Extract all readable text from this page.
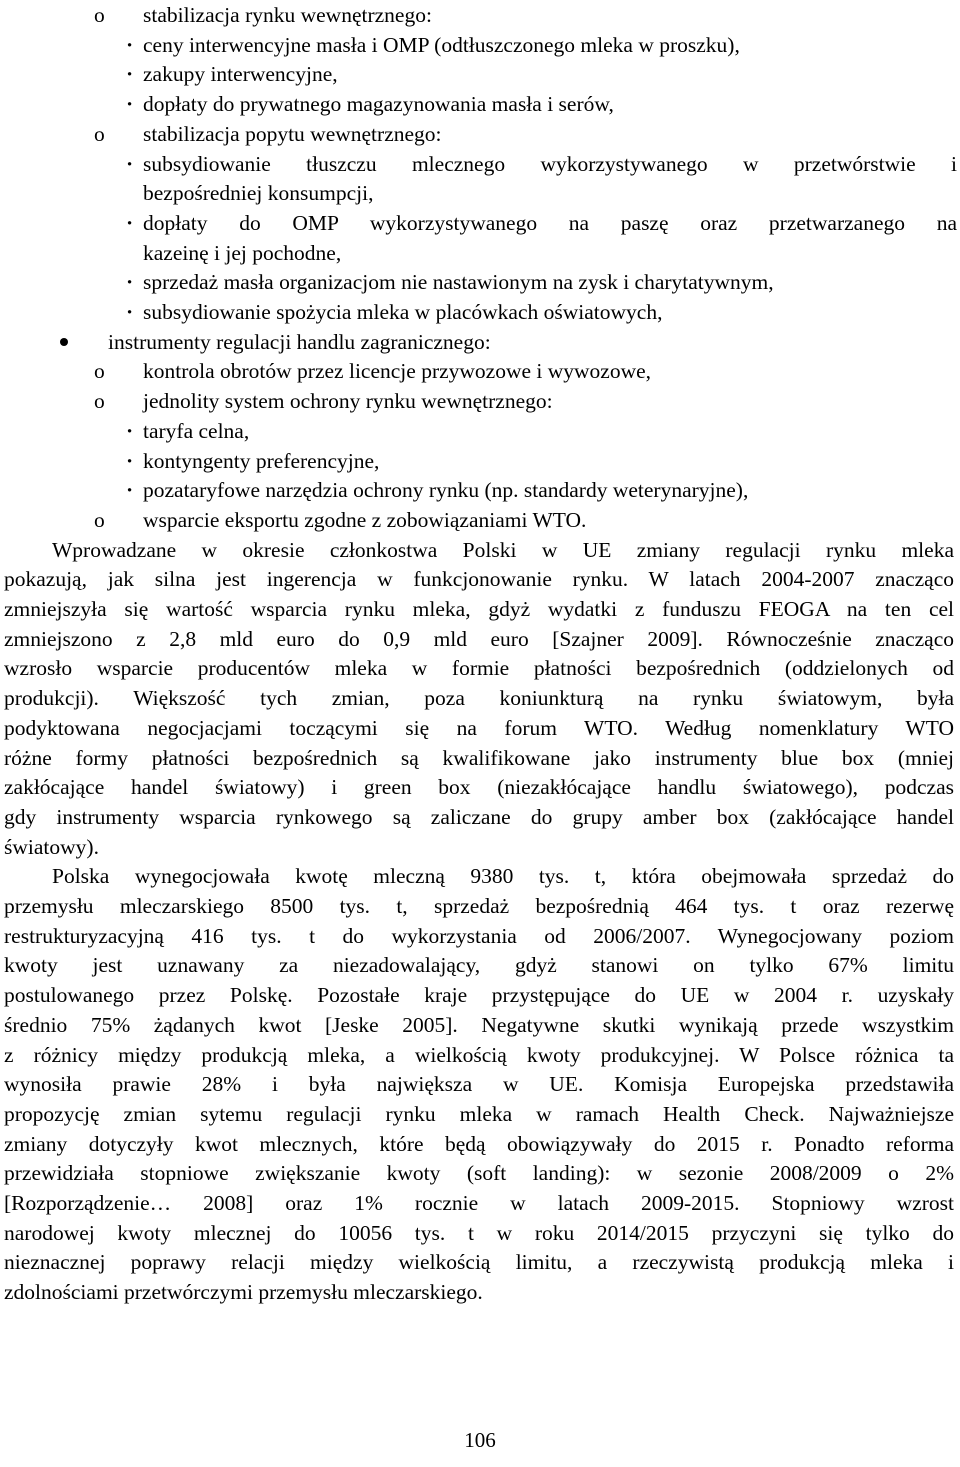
o stabilizacja rynku wewnętrznego:
· ceny interwencyjne masła i OMP (odtłuszczonego mleka w proszku),
· zakupy interwencyjne,
· dopłaty do prywatnego magazynowania masła i serów,
o stabilizacja popytu wewnętrznego:
· subsydiowanie tłuszczu mlecznego wykorzystywanego w przetwórstwie i
bezpośredniej konsumpcji,
· dopłaty do OMP wykorzystywanego na paszę oraz przetwarzanego na
kazeinę i jej pochodne,
· sprzedaż masła organizacjom nie nastawionym na zysk i charytatywnym,
· subsydiowanie spożycia mleka w placówkach oświatowych,
instrumenty regulacji handlu zagranicznego:
o kontrola obrotów przez licencje przywozowe i wywozowe,
o jednolity system ochrony rynku wewnętrznego:
· taryfa celna,
· kontyngenty preferencyjne,
· pozataryfowe narzędzia ochrony rynku (np. standardy weterynaryjne),
o wsparcie eksportu zgodne z zobowiązaniami WTO.
Wprowadzane w okresie członkostwa Polski w UE zmiany regulacji rynku mleka
pokazują, jak silna jest ingerencja w funkcjonowanie rynku. W latach 2004-2007 znacząco
zmniejszyła się wartość wsparcia rynku mleka, gdyż wydatki z funduszu FEOGA na ten cel
zmniejszono z 2,8 mld euro do 0,9 mld euro [Szajner 2009]. Równocześnie znacząco
wzrosło wsparcie producentów mleka w formie płatności bezpośrednich (oddzielonych od
produkcji). Większość tych zmian, poza koniunkturą na rynku światowym, była
podyktowana negocjacjami toczącymi się na forum WTO. Według nomenklatury WTO
różne formy płatności bezpośrednich są kwalifikowane jako instrumenty blue box (mniej
zakłócające handel światowy) i green box (niezakłócające handlu światowego), podczas
gdy instrumenty wsparcia rynkowego są zaliczane do grupy amber box (zakłócające handel
światowy).
Polska wynegocjowała kwotę mleczną 9380 tys. t, która obejmowała sprzedaż do
przemysłu mleczarskiego 8500 tys. t, sprzedaż bezpośrednią 464 tys. t oraz rezerwę
restrukturyzacyjną 416 tys. t do wykorzystania od 2006/2007. Wynegocjowany poziom
kwoty jest uznawany za niezadowalający, gdyż stanowi on tylko 67% limitu
postulowanego przez Polskę. Pozostałe kraje przystępujące do UE w 2004 r. uzyskały
średnio 75% żądanych kwot [Jeske 2005]. Negatywne skutki wynikają przede wszystkim
z różnicy między produkcją mleka, a wielkością kwoty produkcyjnej. W Polsce różnica ta
wynosiła prawie 28% i była największa w UE. Komisja Europejska przedstawiła
propozycję zmian sytemu regulacji rynku mleka w ramach Health Check. Najważniejsze
zmiany dotyczyły kwot mlecznych, które będą obowiązywały do 2015 r. Ponadto reforma
przewidziała stopniowe zwiększanie kwoty (soft landing): w sezonie 2008/2009 o 2%
[Rozporządzenie… 2008] oraz 1% rocznie w latach 2009-2015. Stopniowy wzrost
narodowej kwoty mlecznej do 10056 tys. t w roku 2014/2015 przyczyni się tylko do
nieznacznej poprawy relacji między wielkością limitu, a rzeczywistą produkcją mleka i
zdolnościami przetwórczymi przemysłu mleczarskiego.
106
